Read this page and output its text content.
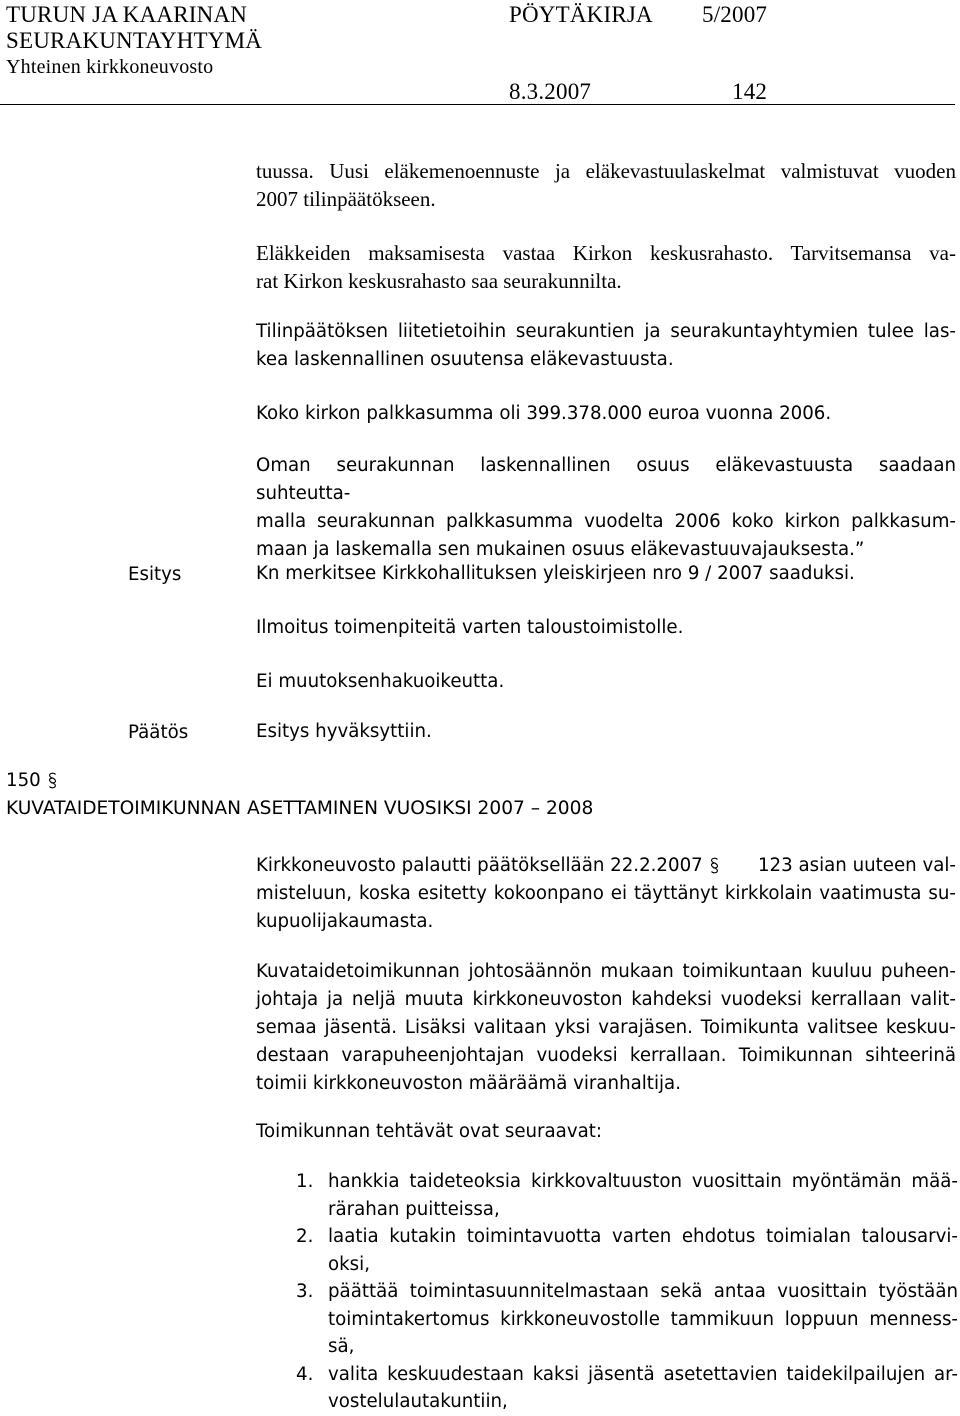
TURUN JA KAARINAN
SEURAKUNTAYHTYMÄ
Yhteinen kirkkoneuvosto
PÖYTÄKIRJA 5/2007
8.3.2007	142
tuussa. Uusi eläkemenoennuste ja eläkevastuulaskelmat valmistuvat vuoden
2007 tilinpäätökseen.
Eläkkeiden maksamisesta vastaa Kirkon keskusrahasto. Tarvitsemansa va-
rat Kirkon keskusrahasto saa seurakunnilta.
Tilinpäätöksen liitetietoihin seurakuntien ja seurakuntayhtymien tulee las-
kea laskennallinen osuutensa eläkevastuusta.
Koko kirkon palkkasumma oli 399.378.000 euroa vuonna 2006.
Oman seurakunnan laskennallinen osuus eläkevastuusta saadaan suhteutta-
malla seurakunnan palkkasumma vuodelta 2006 koko kirkon palkkasum-
maan ja laskemalla sen mukainen osuus eläkevastuuvajauksesta.”
Esitys	Kn merkitsee Kirkkohallituksen yleiskirjeen nro 9 / 2007 saaduksi.
Ilmoitus toimenpiteitä varten taloustoimistolle.
Ei muutoksenhakuoikeutta.
Päätös	Esitys hyväksyttiin.
150
KUVATAIDETOIMIKUNNAN ASETTAMINEN VUOSIKSI 2007 – 2008
Kirkkoneuvosto palautti päätöksellään 22.2.2007	123 asian uuteen val-
misteluun, koska esitetty kokoonpano ei täyttänyt kirkkolain vaatimusta su-
kupuolijakaumasta.
Kuvataidetoimikunnan johtosäännön mukaan toimikuntaan kuuluu puheen-
johtaja ja neljä muuta kirkkoneuvoston kahdeksi vuodeksi kerrallaan valit-
semaa jäsentä. Lisäksi valitaan yksi varajäsen. Toimikunta valitsee keskuu-
destaan varapuheenjohtajan vuodeksi kerrallaan. Toimikunnan sihteerinä
toimii kirkkoneuvoston määräämä viranhaltija.
Toimikunnan tehtävät ovat seuraavat:
1. hankkia taideteoksia kirkkovaltuuston vuosittain myöntämän mää-
rärahan puitteissa,
2. laatia kutakin toimintavuotta varten ehdotus toimialan talousarvi-
oksi,
3. päättää toimintasuunnitelmastaan sekä antaa vuosittain työstään
toimintakertomus kirkkoneuvostolle tammikuun loppuun menness-
sä,
4. valita keskuudestaan kaksi jäsentä asetettavien taidekilpailujen ar-
vostelulautakuntiin,
